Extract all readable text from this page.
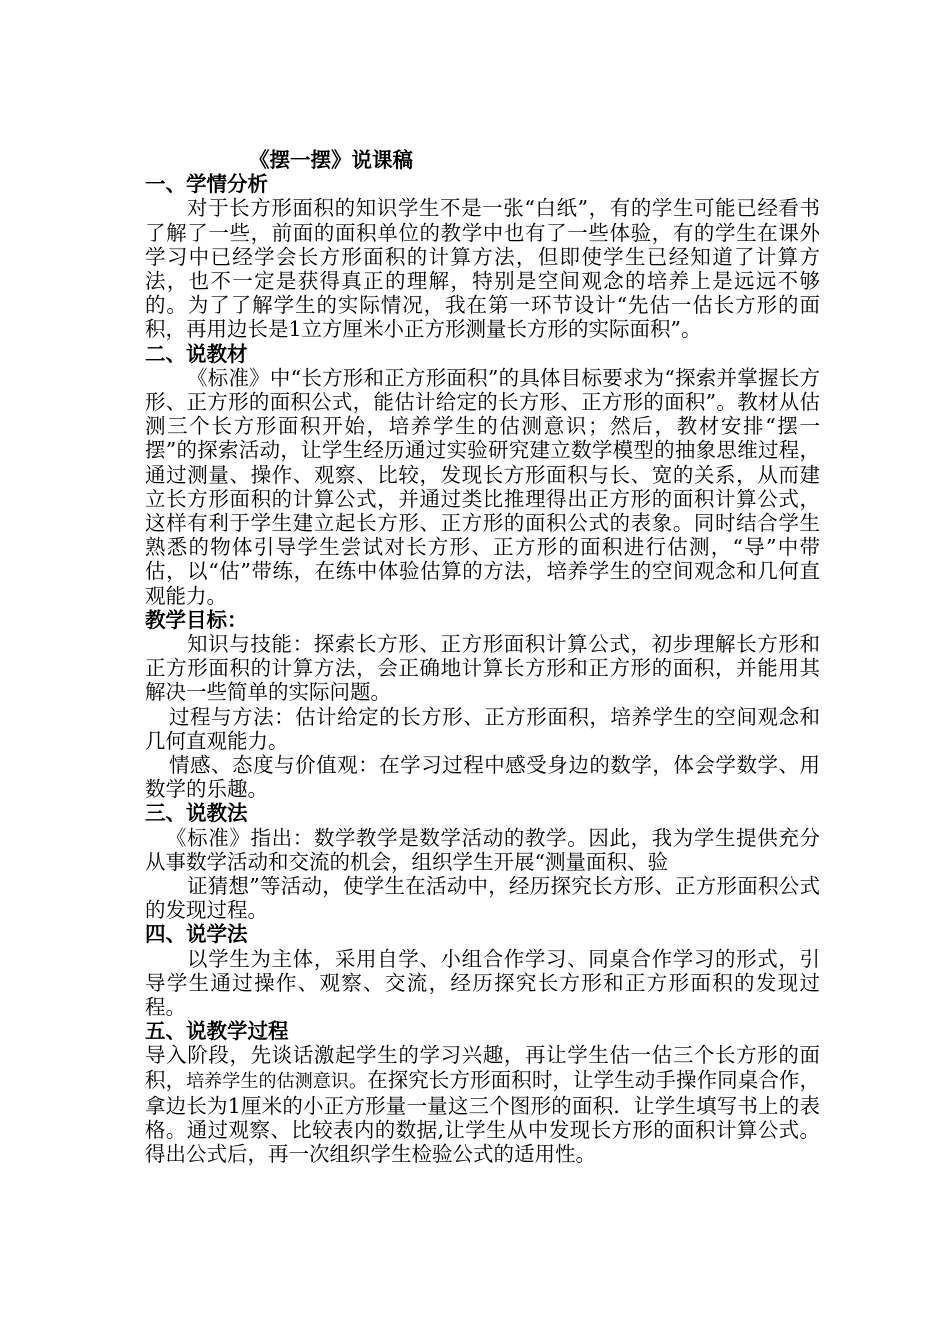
《摆一摆》说课稿
一、学情分析
对于长方形面积的知识学生不是一张“白纸”，有的学生可能已经看书了解了一些，前面的面积单位的教学中也有了一些体验，有的学生在课外学习中已经学会长方形面积的计算方法，但即使学生已经知道了计算方法，也不一定是获得真正的理解，特别是空间观念的培养上是远远不够的。为了了解学生的实际情况，我在第一环节设计“先估一估长方形的面积，再用边长是1立方厘米小正方形测量长方形的实际面积”。
二、说教材
《标准》中“长方形和正方形面积”的具体目标要求为“探索并掌握长方形、正方形的面积公式，能估计给定的长方形、正方形的面积”。教材从估测三个长方形面积开始，培养学生的估测意识；然后，教材安排“摆一摆”的探索活动，让学生经历通过实验研究建立数学模型的抽象思维过程，通过测量、操作、观察、比较，发现长方形面积与长、宽的关系，从而建立长方形面积的计算公式，并通过类比推理得出正方形的面积计算公式，这样有利于学生建立起长方形、正方形的面积公式的表象。同时结合学生熟悉的物体引导学生尝试对长方形、正方形的面积进行估测，“导”中带估，以“估”带练，在练中体验估算的方法，培养学生的空间观念和几何直观能力。
教学目标：
知识与技能：探索长方形、正方形面积计算公式，初步理解长方形和正方形面积的计算方法，会正确地计算长方形和正方形的面积，并能用其解决一些简单的实际问题。
过程与方法：估计给定的长方形、正方形面积，培养学生的空间观念和几何直观能力。
情感、态度与价值观：在学习过程中感受身边的数学，体会学数学、用数学的乐趣。
三、说教法
《标准》指出：数学教学是数学活动的教学。因此，我为学生提供充分从事数学活动和交流的机会，组织学生开展“测量面积、验
证猜想”等活动，使学生在活动中，经历探究长方形、正方形面积公式的发现过程。
四、说学法
以学生为主体，采用自学、小组合作学习、同桌合作学习的形式，引导学生通过操作、观察、交流，经历探究长方形和正方形面积的发现过程。
五、说教学过程
导入阶段，先谈话激起学生的学习兴趣，再让学生估一估三个长方形的面积，培养学生的估测意识。在探究长方形面积时，让学生动手操作同桌合作，拿边长为1厘米的小正方形量一量这三个图形的面积．让学生填写书上的表格。通过观察、比较表内的数据,让学生从中发现长方形的面积计算公式。得出公式后，再一次组织学生检验公式的适用性。
